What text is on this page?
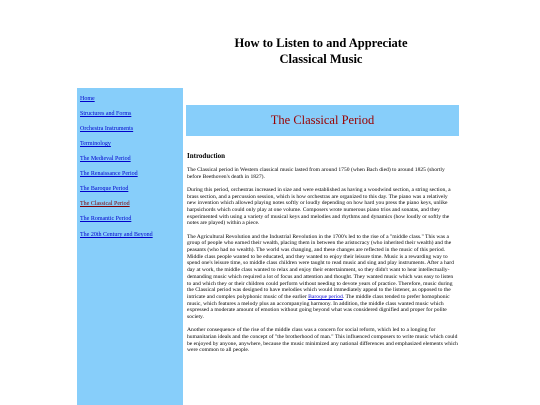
How to Listen to and Appreciate
Classical Music
Home
Structures and Forms
Orchestra Instruments
Terminology
The Medieval Period
The Renaissance Period
The Baroque Period
The Classical Period
The Romantic Period
The 20th Century and Beyond
The Classical Period
Introduction

The Classical period in Western classical music lasted from around 1750 (when Bach died) to around 1825 (shortly before Beethoven's death in 1827).

During this period, orchestras increased in size and were established as having a woodwind section, a string section, a brass section, and a percussion session, which is how orchestras are organized to this day. The piano was a relatively new invention which allowed playing notes softly or loudly depending on how hard you press the piano keys, unlike harpsichords which could only play at one volume. Composers wrote numerous piano trios and sonatas, and they experimented with using a variety of musical keys and melodies and rhythms and dynamics (how loudly or softly the notes are played) within a piece.

The Agricultural Revolution and the Industrial Revolution in the 1700's led to the rise of a "middle class." This was a group of people who earned their wealth, placing them in between the aristocracy (who inherited their wealth) and the peasants (who had no wealth). The world was changing, and these changes are reflected in the music of this period. Middle class people wanted to be educated, and they wanted to enjoy their leisure time. Music is a rewarding way to spend one's leisure time, so middle class children were taught to read music and sing and play instruments. After a hard day at work, the middle class wanted to relax and enjoy their entertainment, so they didn't want to hear intellectually-demanding music which required a lot of focus and attention and thought. They wanted music which was easy to listen to and which they or their children could perform without needing to devote years of practice. Therefore, music during the Classical period was designed to have melodies which would immediately appeal to the listener, as opposed to the intricate and complex polyphonic music of the earlier Baroque period. The middle class tended to prefer homophonic music, which features a melody plus an accompanying harmony. In addition, the middle class wanted music which expressed a moderate amount of emotion without going beyond what was considered dignified and proper for polite society.

Another consequence of the rise of the middle class was a concern for social reform, which led to a longing for humanitarian ideals and the concept of "the brotherhood of man." This influenced composers to write music which could be enjoyed by anyone, anywhere, because the music minimized any national differences and emphasized elements which were common to all people.
